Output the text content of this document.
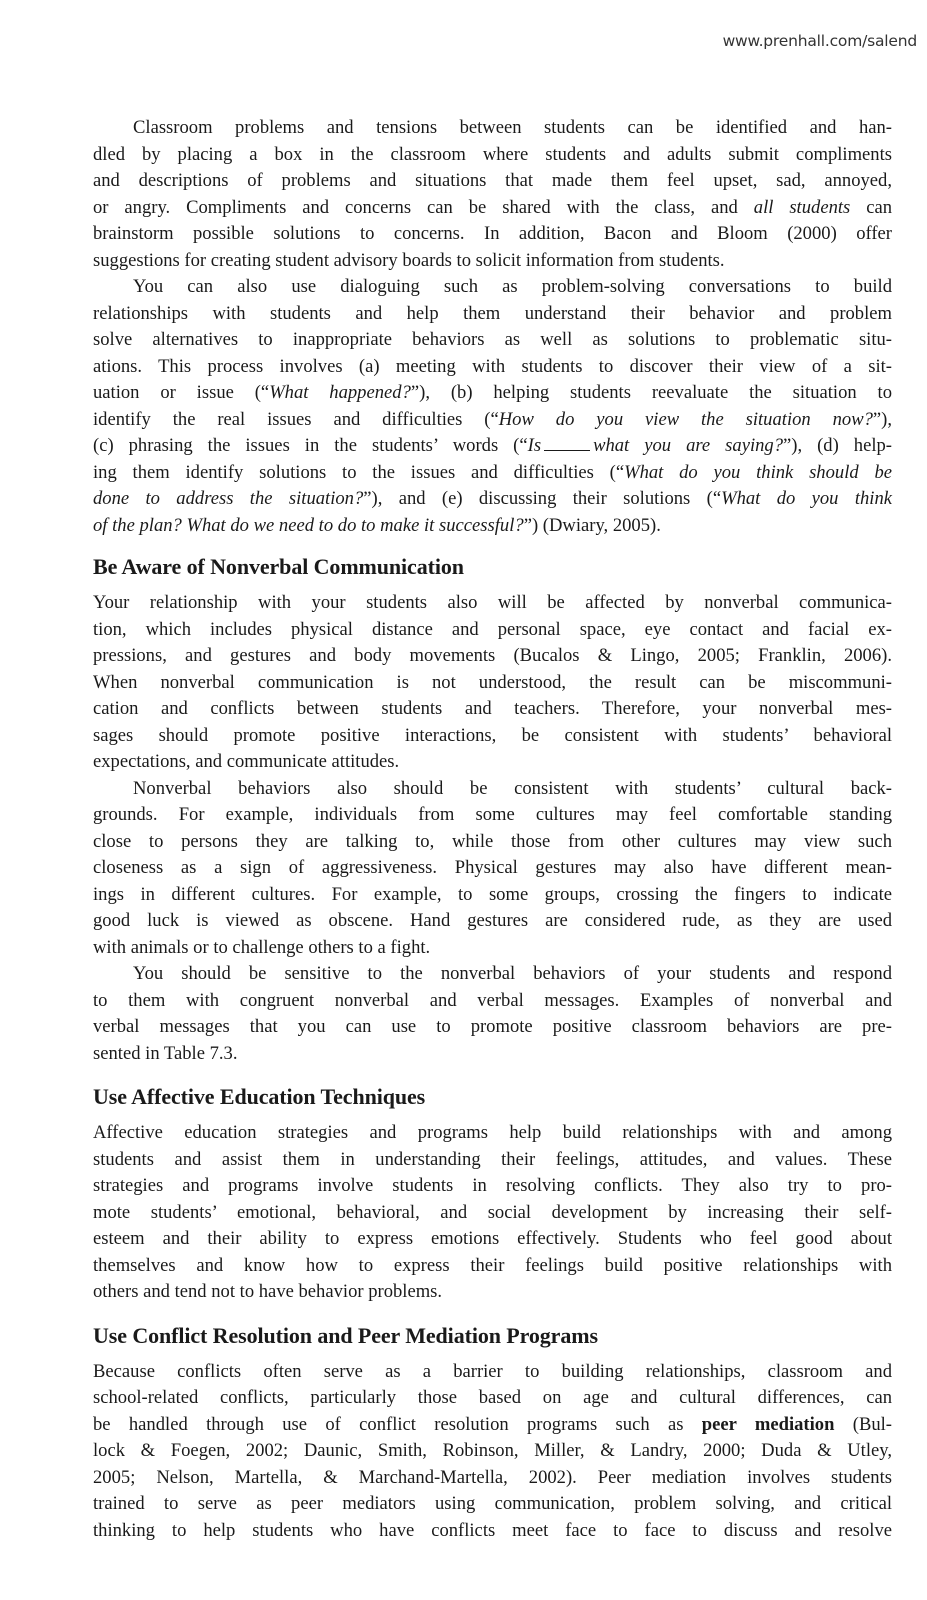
www.prenhall.com/salend
Classroom problems and tensions between students can be identified and han-
dled by placing a box in the classroom where students and adults submit compliments
and descriptions of problems and situations that made them feel upset, sad, annoyed,
or angry. Compliments and concerns can be shared with the class, and all students can
brainstorm possible solutions to concerns. In addition, Bacon and Bloom (2000) offer
suggestions for creating student advisory boards to solicit information from students.
You can also use dialoguing such as problem-solving conversations to build
relationships with students and help them understand their behavior and problem
solve alternatives to inappropriate behaviors as well as solutions to problematic situ-
ations. This process involves (a) meeting with students to discover their view of a sit-
uation or issue (“What happened?”), (b) helping students reevaluate the situation to
identify the real issues and difficulties (“How do you view the situation now?”),
(c) phrasing the issues in the students’ words (“Is	what you are saying?”), (d) help-
ing them identify solutions to the issues and difficulties (“What do you think should be
done to address the situation?”), and (e) discussing their solutions (“What do you think
of the plan? What do we need to do to make it successful?”) (Dwiary, 2005).
Be Aware of Nonverbal Communication
Your relationship with your students also will be affected by nonverbal communica-
tion, which includes physical distance and personal space, eye contact and facial ex-
pressions, and gestures and body movements (Bucalos & Lingo, 2005; Franklin, 2006).
When nonverbal communication is not understood, the result can be miscommuni-
cation and conflicts between students and teachers. Therefore, your nonverbal mes-
sages should promote positive interactions, be consistent with students’ behavioral
expectations, and communicate attitudes.
Nonverbal behaviors also should be consistent with students’ cultural back-
grounds. For example, individuals from some cultures may feel comfortable standing
close to persons they are talking to, while those from other cultures may view such
closeness as a sign of aggressiveness. Physical gestures may also have different mean-
ings in different cultures. For example, to some groups, crossing the fingers to indicate
good luck is viewed as obscene. Hand gestures are considered rude, as they are used
with animals or to challenge others to a fight.
You should be sensitive to the nonverbal behaviors of your students and respond
to them with congruent nonverbal and verbal messages. Examples of nonverbal and
verbal messages that you can use to promote positive classroom behaviors are pre-
sented in Table 7.3.
Use Affective Education Techniques
Affective education strategies and programs help build relationships with and among
students and assist them in understanding their feelings, attitudes, and values. These
strategies and programs involve students in resolving conflicts. They also try to pro-
mote students’ emotional, behavioral, and social development by increasing their self-
esteem and their ability to express emotions effectively. Students who feel good about
themselves and know how to express their feelings build positive relationships with
others and tend not to have behavior problems.
Use Conflict Resolution and Peer Mediation Programs
Because conflicts often serve as a barrier to building relationships, classroom and
school-related conflicts, particularly those based on age and cultural differences, can
be handled through use of conflict resolution programs such as peer mediation (Bul-
lock & Foegen, 2002; Daunic, Smith, Robinson, Miller, & Landry, 2000; Duda & Utley,
2005; Nelson, Martella, & Marchand-Martella, 2002). Peer mediation involves students
trained to serve as peer mediators using communication, problem solving, and critical
thinking to help students who have conflicts meet face to face to discuss and resolve
